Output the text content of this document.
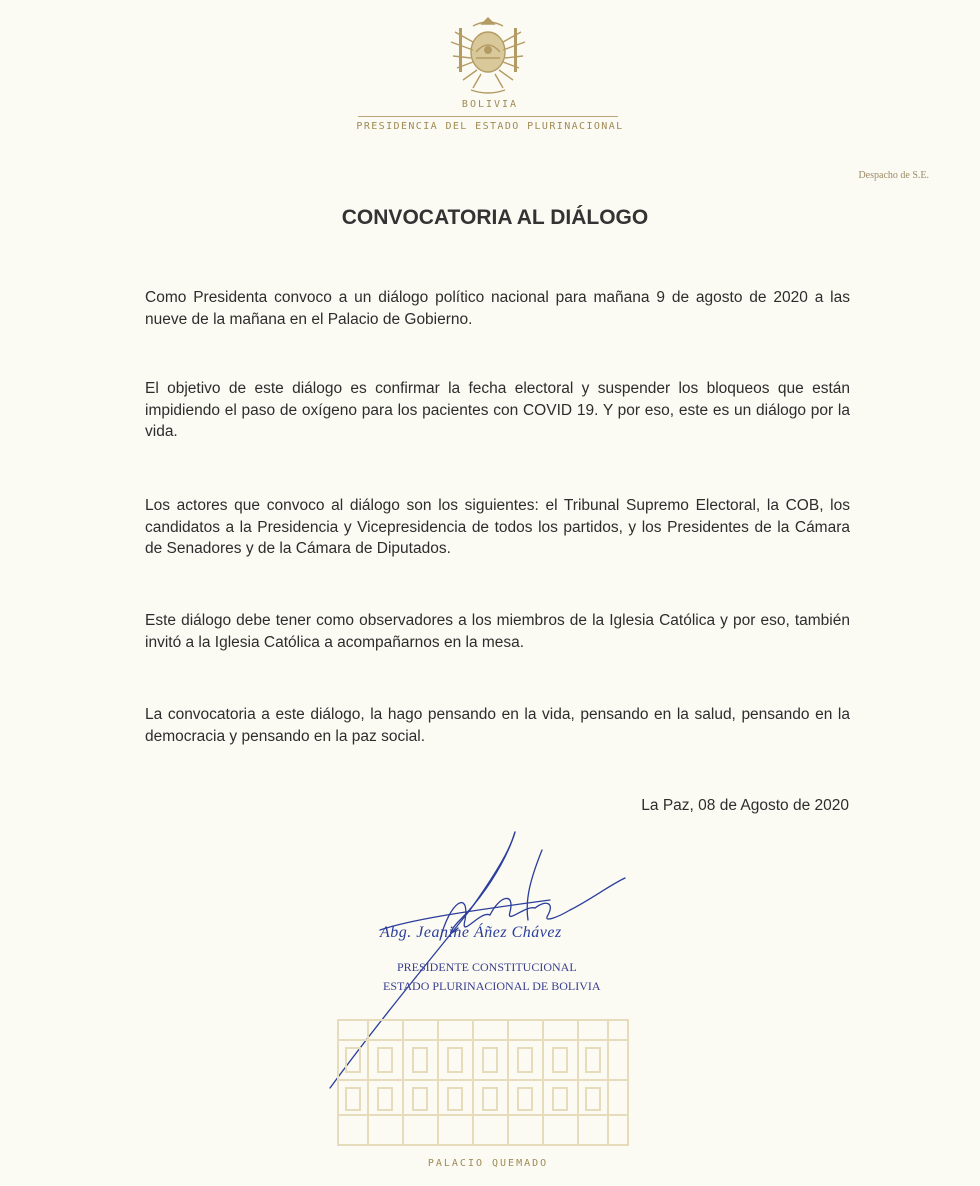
BOLIVIA
PRESIDENCIA DEL ESTADO PLURINACIONAL
Despacho de S.E.
CONVOCATORIA AL DIÁLOGO

Como Presidenta convoco a un diálogo político nacional para mañana 9 de agosto de 2020 a las nueve de la mañana en el Palacio de Gobierno.

El objetivo de este diálogo es confirmar la fecha electoral y suspender los bloqueos que están impidiendo el paso de oxígeno para los pacientes con COVID 19. Y por eso, este es un diálogo por la vida.

Los actores que convoco al diálogo son los siguientes: el Tribunal Supremo Electoral, la COB, los candidatos a la Presidencia y Vicepresidencia de todos los partidos, y los Presidentes de la Cámara de Senadores y de la Cámara de Diputados.

Este diálogo debe tener como observadores a los miembros de la Iglesia Católica y por eso, también invitó a la Iglesia Católica a acompañarnos en la mesa.

La convocatoria a este diálogo, la hago pensando en la vida, pensando en la salud, pensando en la democracia y pensando en la paz social.

La Paz, 08 de Agosto de 2020
Abg. Jeanine Áñez Chávez
PRESIDENTE CONSTITUCIONAL
ESTADO PLURINACIONAL DE BOLIVIA
PALACIO QUEMADO
